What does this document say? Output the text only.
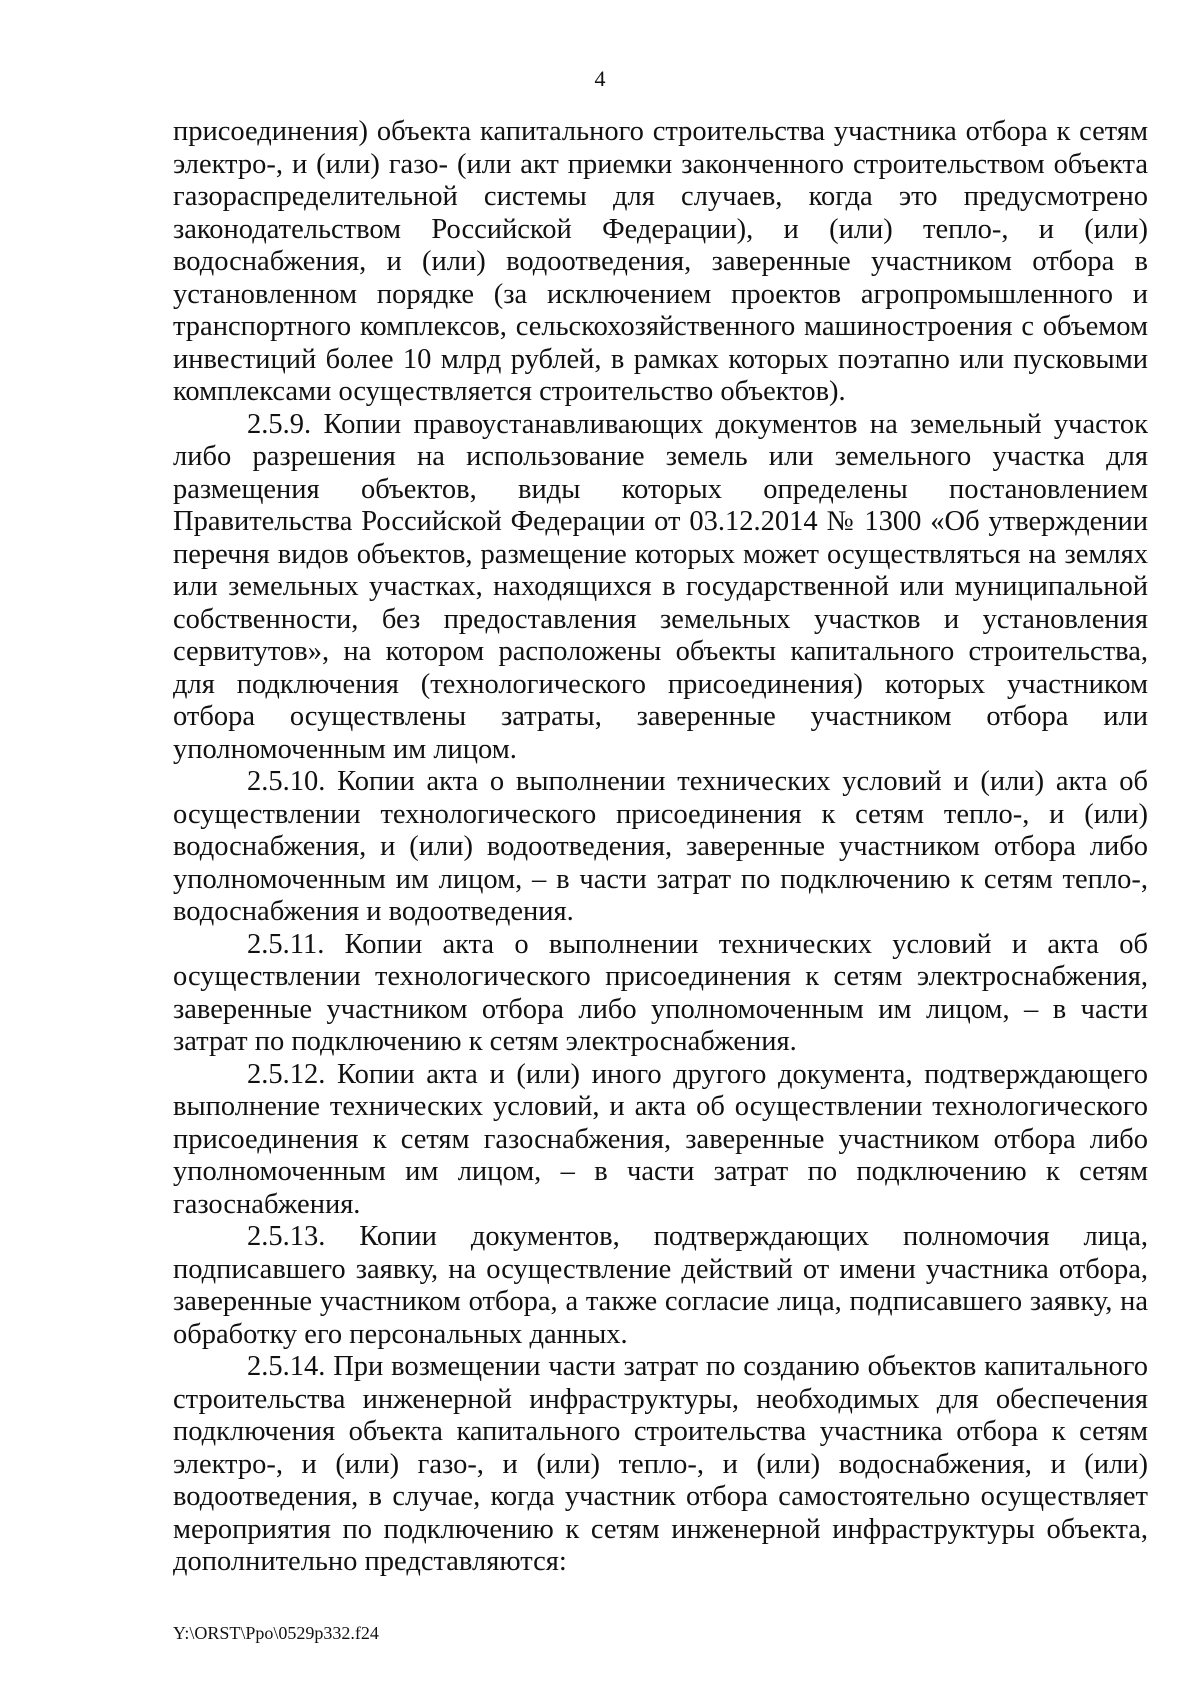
4

присоединения) объекта капитального строительства участника отбора к сетям электро-, и (или) газо- (или акт приемки законченного строительством объекта газораспределительной системы для случаев, когда это предусмотрено законодательством Российской Федерации), и (или) тепло-, и (или) водоснабжения, и (или) водоотведения, заверенные участником отбора в установленном порядке (за исключением проектов агропромышленного и транспортного комплексов, сельскохозяйственного машиностроения с объемом инвестиций более 10 млрд рублей, в рамках которых поэтапно или пусковыми комплексами осуществляется строительство объектов).

2.5.9. Копии правоустанавливающих документов на земельный участок либо разрешения на использование земель или земельного участка для размещения объектов, виды которых определены постановлением Правительства Российской Федерации от 03.12.2014 № 1300 «Об утверждении перечня видов объектов, размещение которых может осуществляться на землях или земельных участках, находящихся в государственной или муниципальной собственности, без предоставления земельных участков и установления сервитутов», на котором расположены объекты капитального строительства, для подключения (технологического присоединения) которых участником отбора осуществлены затраты, заверенные участником отбора или уполномоченным им лицом.

2.5.10. Копии акта о выполнении технических условий и (или) акта об осуществлении технологического присоединения к сетям тепло-, и (или) водоснабжения, и (или) водоотведения, заверенные участником отбора либо уполномоченным им лицом, – в части затрат по подключению к сетям тепло-, водоснабжения и водоотведения.

2.5.11. Копии акта о выполнении технических условий и акта об осуществлении технологического присоединения к сетям электроснабжения, заверенные участником отбора либо уполномоченным им лицом, – в части затрат по подключению к сетям электроснабжения.

2.5.12. Копии акта и (или) иного другого документа, подтверждающего выполнение технических условий, и акта об осуществлении технологического присоединения к сетям газоснабжения, заверенные участником отбора либо уполномоченным им лицом, – в части затрат по подключению к сетям газоснабжения.

2.5.13. Копии документов, подтверждающих полномочия лица, подписавшего заявку, на осуществление действий от имени участника отбора, заверенные участником отбора, а также согласие лица, подписавшего заявку, на обработку его персональных данных.

2.5.14. При возмещении части затрат по созданию объектов капитального строительства инженерной инфраструктуры, необходимых для обеспечения подключения объекта капитального строительства участника отбора к сетям электро-, и (или) газо-, и (или) тепло-, и (или) водоснабжения, и (или) водоотведения, в случае, когда участник отбора самостоятельно осуществляет мероприятия по подключению к сетям инженерной инфраструктуры объекта, дополнительно представляются:

Y:\ORST\Ppo\0529p332.f24
